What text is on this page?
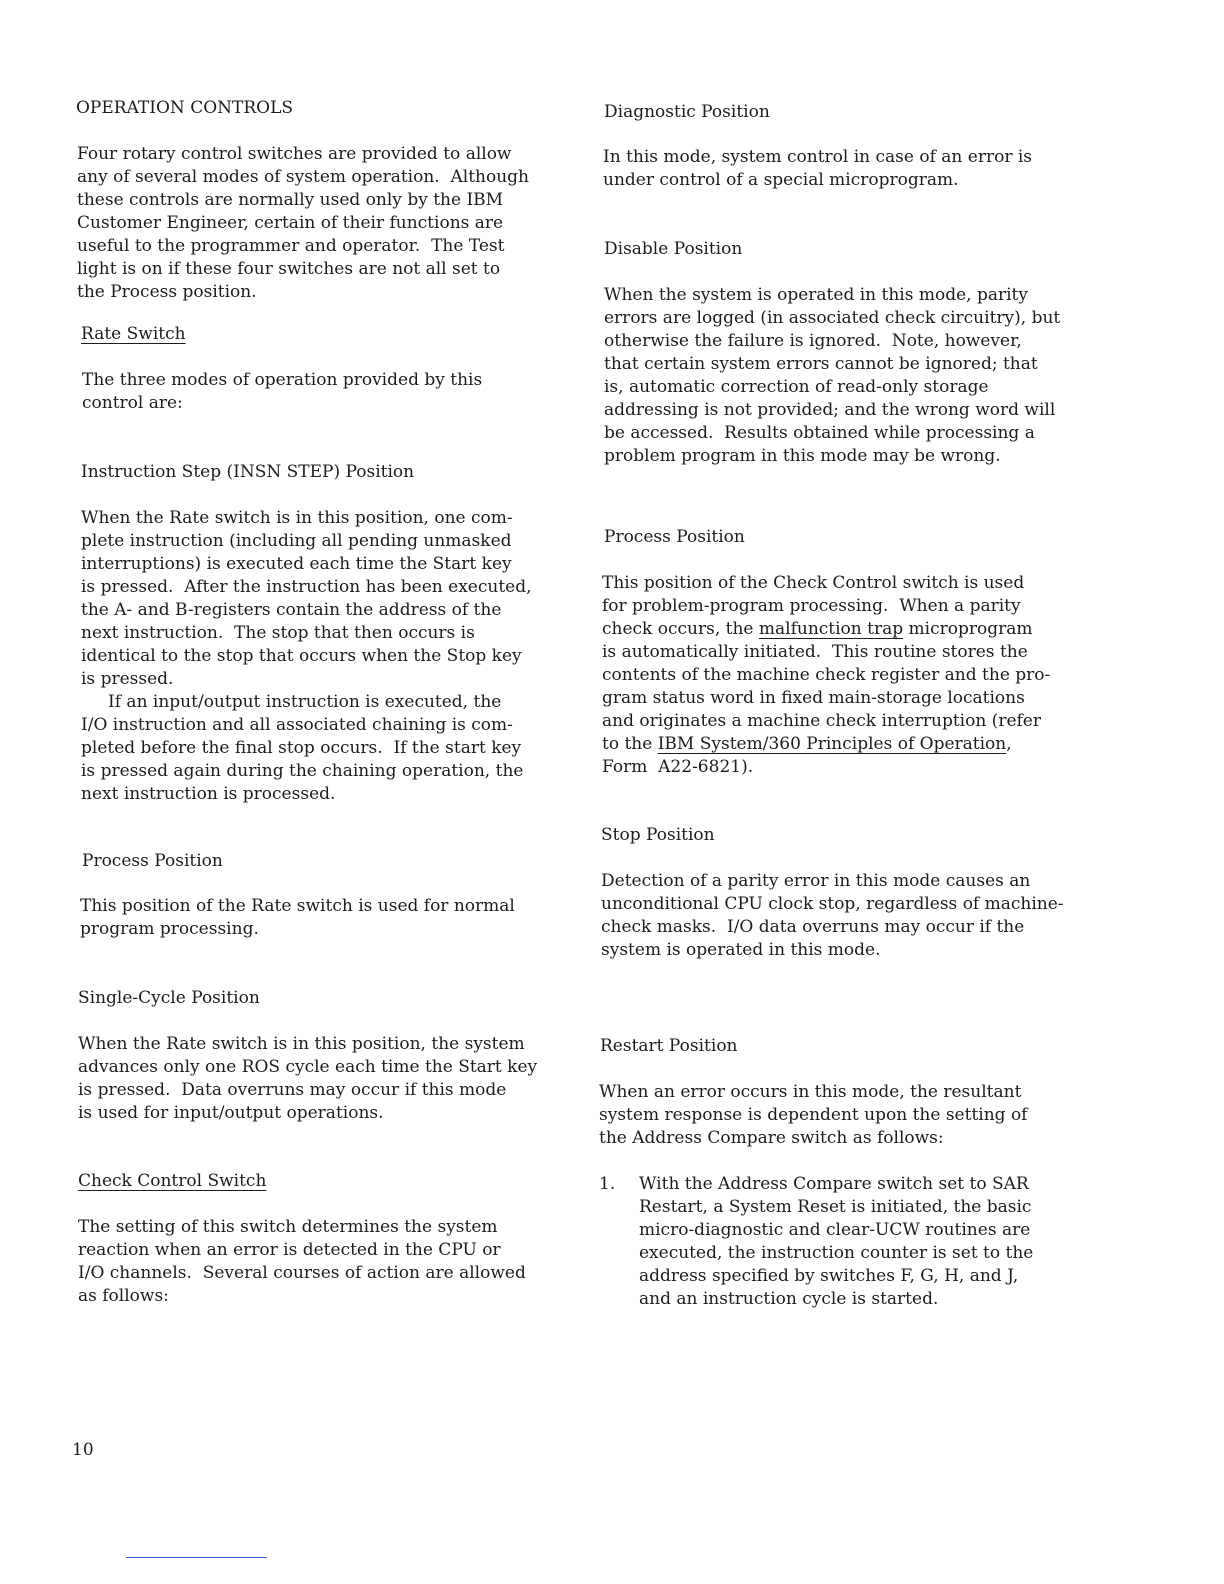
OPERATION CONTROLS
Four rotary control switches are provided to allow
any of several modes of system operation.  Although
these controls are normally used only by the IBM
Customer Engineer, certain of their functions are
useful to the programmer and operator.  The Test
light is on if these four switches are not all set to
the Process position.
Rate Switch
The three modes of operation provided by this
control are:
Instruction Step (INSN STEP) Position
When the Rate switch is in this position, one com-
plete instruction (including all pending unmasked
interruptions) is executed each time the Start key
is pressed.  After the instruction has been executed,
the A- and B-registers contain the address of the
next instruction.  The stop that then occurs is
identical to the stop that occurs when the Stop key
is pressed.
If an input/output instruction is executed, the
I/O instruction and all associated chaining is com-
pleted before the final stop occurs.  If the start key
is pressed again during the chaining operation, the
next instruction is processed.
Process Position
This position of the Rate switch is used for normal
program processing.
Single-Cycle Position
When the Rate switch is in this position, the system
advances only one ROS cycle each time the Start key
is pressed.  Data overruns may occur if this mode
is used for input/output operations.
Check Control Switch
The setting of this switch determines the system
reaction when an error is detected in the CPU or
I/O channels.  Several courses of action are allowed
as follows:
Diagnostic Position
In this mode, system control in case of an error is
under control of a special microprogram.
Disable Position
When the system is operated in this mode, parity
errors are logged (in associated check circuitry), but
otherwise the failure is ignored.  Note, however,
that certain system errors cannot be ignored; that
is, automatic correction of read-only storage
addressing is not provided; and the wrong word will
be accessed.  Results obtained while processing a
problem program in this mode may be wrong.
Process Position
This position of the Check Control switch is used
for problem-program processing.  When a parity
check occurs, the malfunction trap microprogram
is automatically initiated.  This routine stores the
contents of the machine check register and the pro-
gram status word in fixed main-storage locations
and originates a machine check interruption (refer
to the IBM System/360 Principles of Operation,
Form  A22-6821).
Stop Position
Detection of a parity error in this mode causes an
unconditional CPU clock stop, regardless of machine-
check masks.  I/O data overruns may occur if the
system is operated in this mode.
Restart Position
When an error occurs in this mode, the resultant
system response is dependent upon the setting of
the Address Compare switch as follows:
1. With the Address Compare switch set to SAR
Restart, a System Reset is initiated, the basic
micro-diagnostic and clear-UCW routines are
executed, the instruction counter is set to the
address specified by switches F, G, H, and J,
and an instruction cycle is started.
10
